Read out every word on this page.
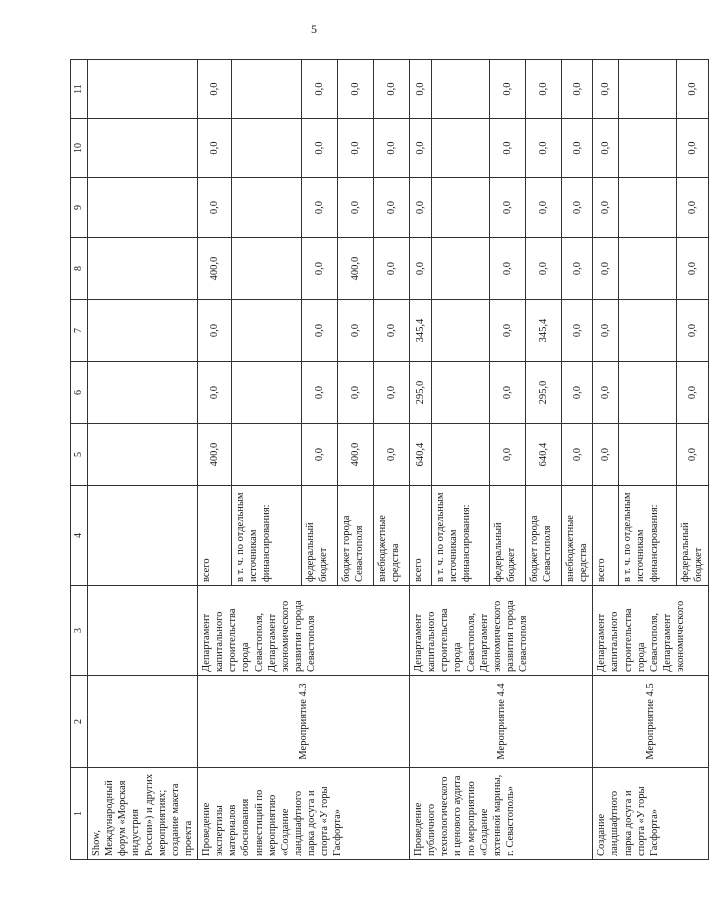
5
1	2	3	4	5	6	7	8	9	10	11
Show, Международный форум «Морская индустрия России») и других мероприятиях; создание макета проекта										
Проведение экспертизы материалов обоснования инвестиций по мероприятию «Создание ландшафтного парка досуга и спорта «У горы Гасфорта»	Мероприятие 4.3	Департамент капитального строительства города Севастополя, Департамент экономического развития города Севастополя	всего	400,0	0,0	0,0	400,0	0,0	0,0	0,0
			в т. ч. по отдельным источникам финансирования:							
			федеральный бюджет	0,0	0,0	0,0	0,0	0,0	0,0	0,0
			бюджет города Севастополя	400,0	0,0	0,0	400,0	0,0	0,0	0,0
			внебюджетные средства	0,0	0,0	0,0	0,0	0,0	0,0	0,0
Проведение публичного технологического и ценового аудита по мероприятию «Создание яхтенной марины, г. Севастополь»	Мероприятие 4.4	Департамент капитального строительства города Севастополя, Департамент экономического развития города Севастополя	всего	640,4	295,0	345,4	0,0	0,0	0,0	0,0
			в т. ч. по отдельным источникам финансирования:							
			федеральный бюджет	0,0	0,0	0,0	0,0	0,0	0,0	0,0
			бюджет города Севастополя	640,4	295,0	345,4	0,0	0,0	0,0	0,0
			внебюджетные средства	0,0	0,0	0,0	0,0	0,0	0,0	0,0
Создание ландшафтного парка досуга и спорта «У горы Гасфорта»	Мероприятие 4.5	Департамент капитального строительства города Севастополя, Департамент экономического	всего	0,0	0,0	0,0	0,0	0,0	0,0	0,0
			в т. ч. по отдельным источникам финансирования:							
			федеральный бюджет	0,0	0,0	0,0	0,0	0,0	0,0	0,0
